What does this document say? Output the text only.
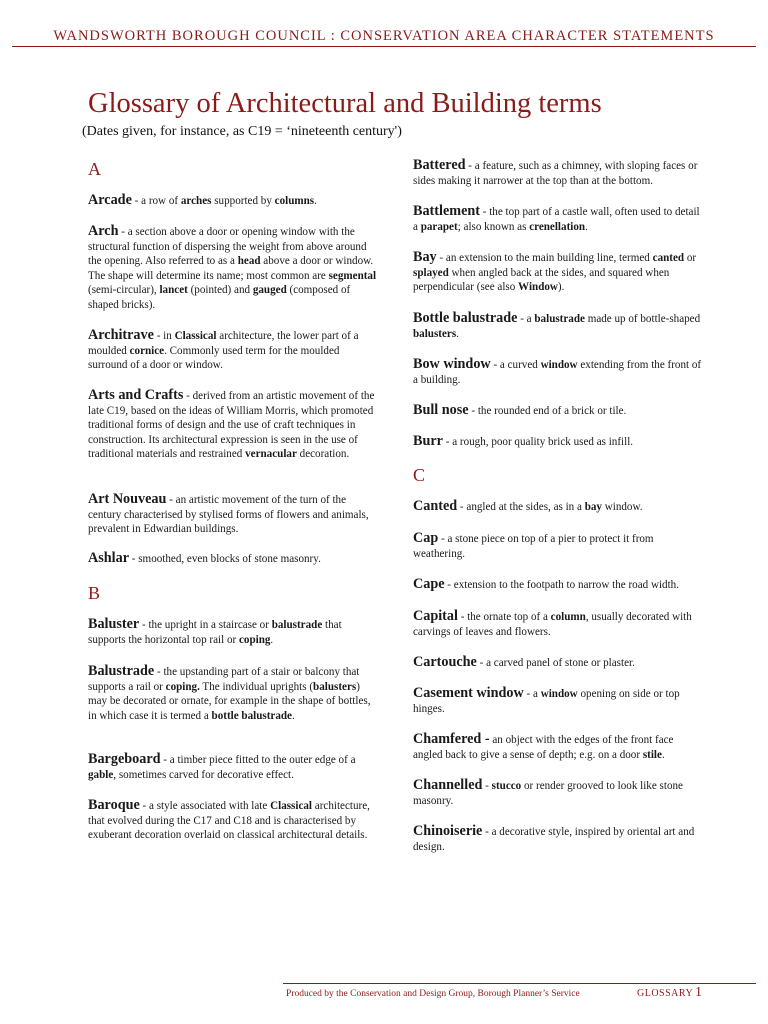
WANDSWORTH BOROUGH COUNCIL : CONSERVATION AREA CHARACTER STATEMENTS
Glossary of Architectural and Building terms
(Dates given, for instance, as C19 = ‘nineteenth century')
A

Arcade - a row of arches supported by columns.

Arch - a section above a door or opening window with the structural function of dispersing the weight from above around the opening. Also referred to as a head above a door or window. The shape will determine its name; most common are segmental (semi-circular), lancet (pointed) and gauged (composed of shaped bricks).

Architrave - in Classical architecture, the lower part of a moulded cornice. Commonly used term for the moulded surround of a door or window.

Arts and Crafts - derived from an artistic movement of the late C19, based on the ideas of William Morris, which promoted traditional forms of design and the use of craft techniques in construction. Its architectural expression is seen in the use of traditional materials and restrained vernacular decoration.

Art Nouveau - an artistic movement of the turn of the century characterised by stylised forms of flowers and animals, prevalent in Edwardian buildings.

Ashlar - smoothed, even blocks of stone masonry.

B

Baluster - the upright in a staircase or balustrade that supports the horizontal top rail or coping.

Balustrade - the upstanding part of a stair or balcony that supports a rail or coping. The individual uprights (balusters) may be decorated or ornate, for example in the shape of bottles, in which case it is termed a bottle balustrade.

Bargeboard - a timber piece fitted to the outer edge of a gable, sometimes carved for decorative effect.

Baroque - a style associated with late Classical architecture, that evolved during the C17 and C18 and is characterised by exuberant decoration overlaid on classical architectural details.

Battered - a feature, such as a chimney, with sloping faces or sides making it narrower at the top than at the bottom.

Battlement - the top part of a castle wall, often used to detail a parapet; also known as crenellation.

Bay - an extension to the main building line, termed canted or splayed when angled back at the sides, and squared when perpendicular (see also Window).

Bottle balustrade - a balustrade made up of bottle-shaped balusters.

Bow window - a curved window extending from the front of a building.

Bull nose - the rounded end of a brick or tile.

Burr - a rough, poor quality brick used as infill.

C

Canted - angled at the sides, as in a bay window.

Cap - a stone piece on top of a pier to protect it from weathering.

Cape - extension to the footpath to narrow the road width.

Capital - the ornate top of a column, usually decorated with carvings of leaves and flowers.

Cartouche - a carved panel of stone or plaster.

Casement window - a window opening on side or top hinges.

Chamfered - an object with the edges of the front face angled back to give a sense of depth; e.g. on a door stile.

Channelled - stucco or render grooved to look like stone masonry.

Chinoiserie - a decorative style, inspired by oriental art and design.

Produced by the Conservation and Design Group, Borough Planner’s Service	GLOSSARY 1
